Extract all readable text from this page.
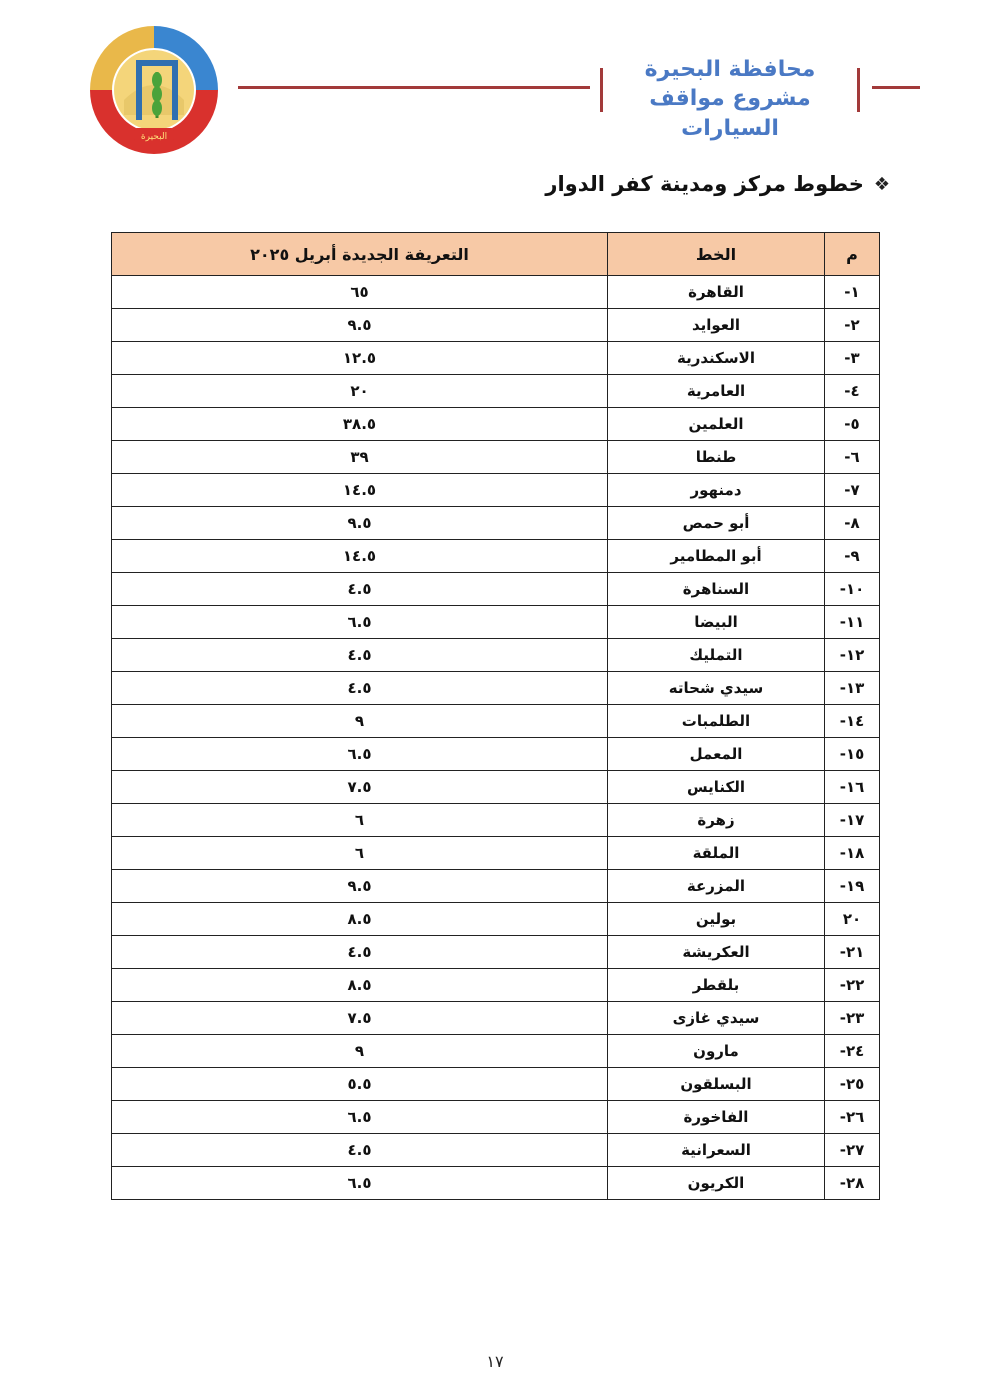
البحيرة
محافظة البحيرة
مشروع مواقف السيارات
❖
خطوط مركز ومدينة كفر الدوار
م	الخط	التعريفة الجديدة أبريل ٢٠٢٥
١-	القاهرة	٦٥
٢-	العوايد	٩.٥
٣-	الاسكندرية	١٢.٥
٤-	العامرية	٢٠
٥-	العلمين	٣٨.٥
٦-	طنطا	٣٩
٧-	دمنهور	١٤.٥
٨-	أبو حمص	٩.٥
٩-	أبو المطامير	١٤.٥
١٠-	السناهرة	٤.٥
١١-	البيضا	٦.٥
١٢-	التمليك	٤.٥
١٣-	سيدي شحاته	٤.٥
١٤-	الطلمبات	٩
١٥-	المعمل	٦.٥
١٦-	الكنايس	٧.٥
١٧-	زهرة	٦
١٨-	الملقة	٦
١٩-	المزرعة	٩.٥
٢٠	بولين	٨.٥
٢١-	العكريشة	٤.٥
٢٢-	بلقطر	٨.٥
٢٣-	سيدي غازى	٧.٥
٢٤-	مارون	٩
٢٥-	البسلقون	٥.٥
٢٦-	الفاخورة	٦.٥
٢٧-	السعرانية	٤.٥
٢٨-	الكريون	٦.٥
١٧
